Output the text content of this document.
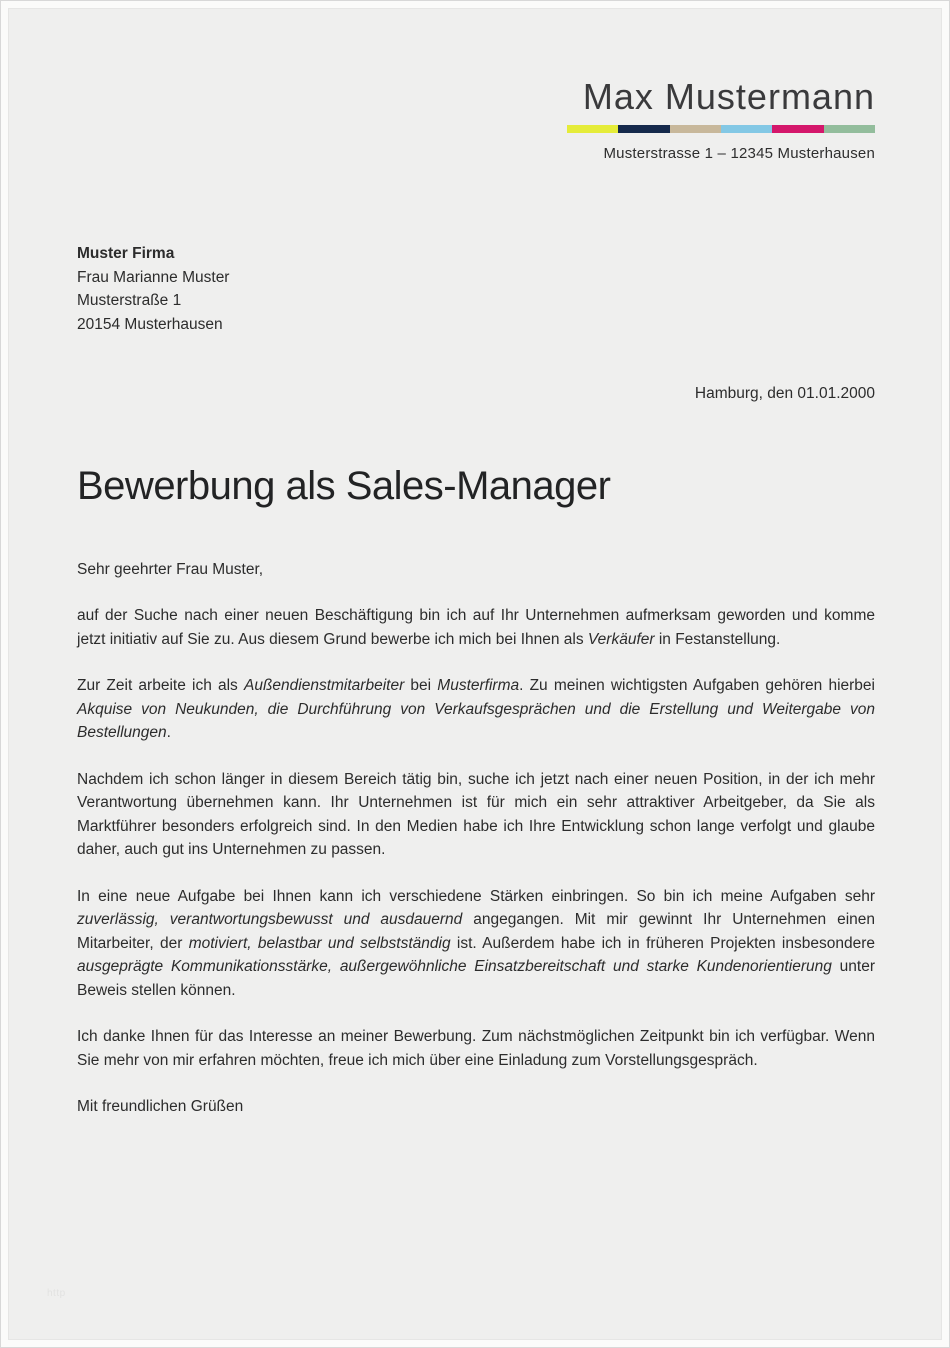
Max Mustermann
Musterstrasse 1 – 12345 Musterhausen
Muster Firma
Frau Marianne Muster
Musterstraße 1
20154 Musterhausen
Hamburg, den 01.01.2000
Bewerbung als Sales-Manager
Sehr geehrter Frau Muster,

auf der Suche nach einer neuen Beschäftigung bin ich auf Ihr Unternehmen aufmerksam geworden und komme jetzt initiativ auf Sie zu. Aus diesem Grund bewerbe ich mich bei Ihnen als Verkäufer in Festanstellung.

Zur Zeit arbeite ich als Außendienstmitarbeiter bei Musterfirma. Zu meinen wichtigsten Aufgaben gehören hierbei Akquise von Neukunden, die Durchführung von Verkaufsgesprächen und die Erstellung und Weitergabe von Bestellungen.

Nachdem ich schon länger in diesem Bereich tätig bin, suche ich jetzt nach einer neuen Position, in der ich mehr Verantwortung übernehmen kann. Ihr Unternehmen ist für mich ein sehr attraktiver Arbeitgeber, da Sie als Marktführer besonders erfolgreich sind. In den Medien habe ich Ihre Entwicklung schon lange verfolgt und glaube daher, auch gut ins Unternehmen zu passen.

In eine neue Aufgabe bei Ihnen kann ich verschiedene Stärken einbringen. So bin ich meine Aufgaben sehr zuverlässig, verantwortungsbewusst und ausdauernd angegangen. Mit mir gewinnt Ihr Unternehmen einen Mitarbeiter, der motiviert, belastbar und selbstständig ist. Außerdem habe ich in früheren Projekten insbesondere ausgeprägte Kommunikationsstärke, außergewöhnliche Einsatzbereitschaft und starke Kundenorientierung unter Beweis stellen können.

Ich danke Ihnen für das Interesse an meiner Bewerbung. Zum nächstmöglichen Zeitpunkt bin ich verfügbar. Wenn Sie mehr von mir erfahren möchten, freue ich mich über eine Einladung zum Vorstellungsgespräch.

Mit freundlichen Grüßen
http
